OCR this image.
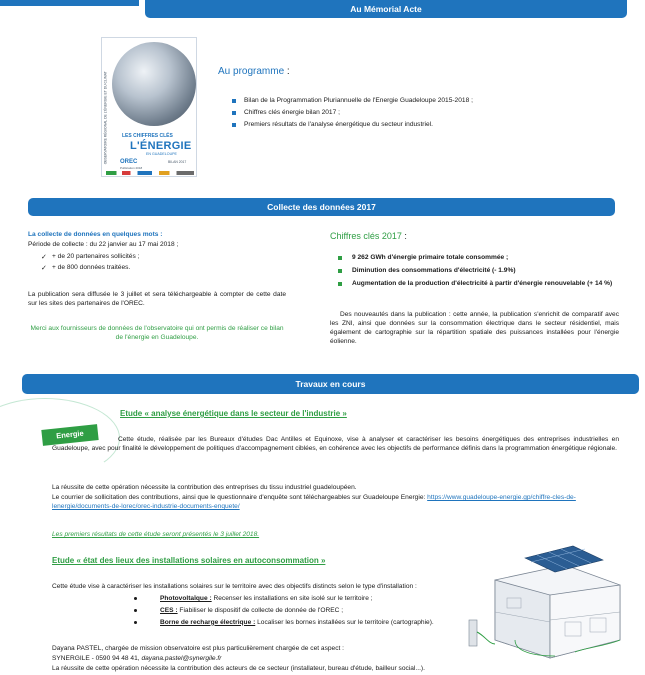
Au Mémorial Acte
OBSERVATOIRE RÉGIONAL DE L'ÉNERGIE ET DU CLIMAT	LES CHIFFRES CLÉS
L'ÉNERGIE
EN GUADELOUPE
OREC
Publication 2018
BILAN 2017
Au programme :
Bilan de la Programmation Pluriannuelle de l'Energie Guadeloupe 2015-2018 ;
Chiffres clés énergie bilan 2017 ;
Premiers résultats de l'analyse énergétique du secteur industriel.
Collecte des données 2017
La collecte de données en quelques mots :
Période de collecte : du 22 janvier au 17 mai 2018 ;
✓ + de 20 partenaires sollicités ;
✓ + de 800 données traitées.
La publication sera diffusée le 3 juillet et sera téléchargeable à compter de cette date sur les sites des partenaires de l'OREC.
Merci aux fournisseurs de données de l'observatoire qui ont permis de réaliser ce bilan de l'énergie en Guadeloupe.
Chiffres clés 2017 :
9 262 GWh d'énergie primaire totale consommée ;
Diminution des consommations d'électricité (- 1.9%)
Augmentation de la production d'électricité à partir d'énergie renouvelable (+ 14 %)
Des nouveautés dans la publication : cette année, la publication s'enrichit de comparatif avec les ZNI, ainsi que données sur la consommation électrique dans le secteur résidentiel, mais également de cartographie sur la répartition spatiale des puissances installées pour l'énergie éolienne.
Travaux en cours
Energie
Etude « analyse énergétique dans le secteur de l'industrie »
Cette étude, réalisée par les Bureaux d'études Dac Antilles et Equinoxe, vise à analyser et caractériser les besoins énergétiques des entreprises industrielles en Guadeloupe, avec pour finalité le développement de politiques d'accompagnement ciblées, en cohérence avec les objectifs de performance définis dans la programmation énergétique régionale.
La réussite de cette opération nécessite la contribution des entreprises du tissu industriel guadeloupéen.
Le courrier de sollicitation des contributions, ainsi que le questionnaire d'enquête sont téléchargeables sur Guadeloupe Energie: https://www.guadeloupe-energie.gp/chiffre-cles-de-lenergie/documents-de-lorec/orec-industrie-documents-enquete/
Les premiers résultats de cette étude seront présentés le 3 juillet 2018.
Etude « état des lieux des installations solaires en autoconsommation »
Cette étude vise à caractériser les installations solaires sur le territoire avec des objectifs distincts selon le type d'installation :
Photovoltaïque : Recenser les installations en site isolé sur le territoire ;
CES : Fiabiliser le dispositif de collecte de donnée de l'OREC ;
Borne de recharge électrique : Localiser les bornes installées sur le territoire (cartographie).
Dayana PASTEL, chargée de mission observatoire est plus particulièrement chargée de cet aspect :
SYNERGILE - 0590 94 48 41, dayana.pastel@synergile.fr
La réussite de cette opération nécessite la contribution des acteurs de ce secteur (installateur, bureau d'étude, bailleur social...).
